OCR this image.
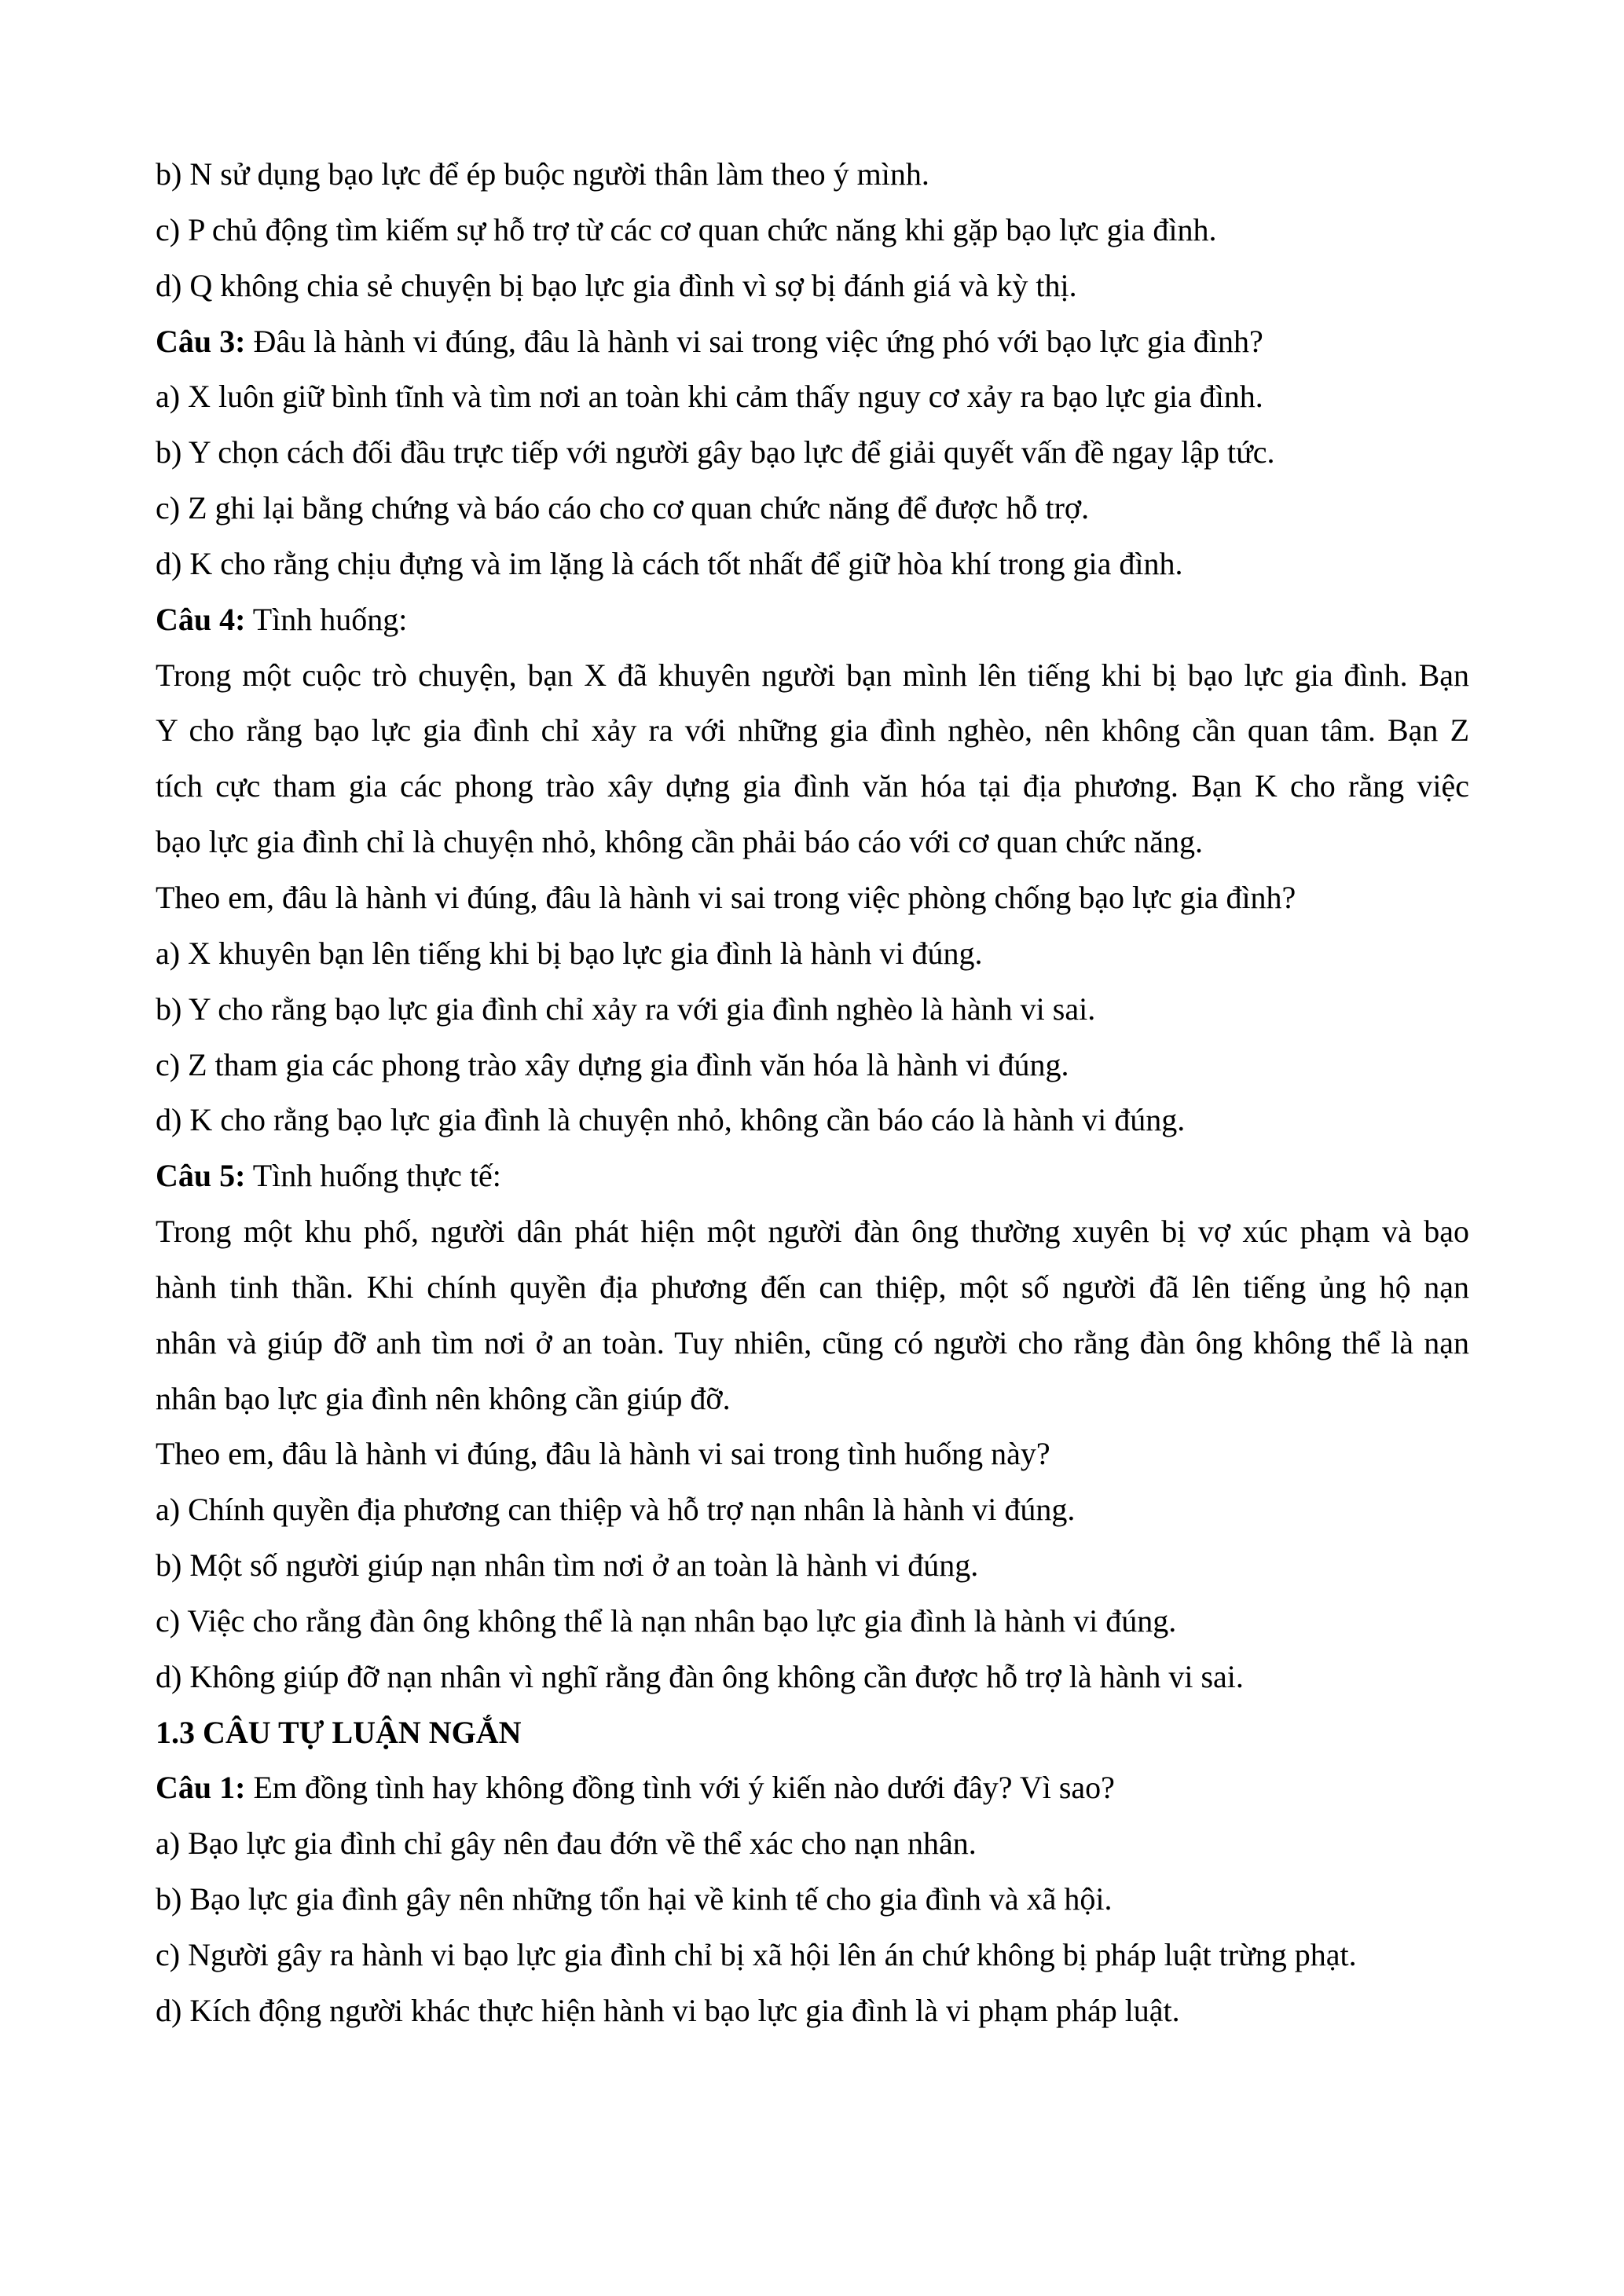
b) N sử dụng bạo lực để ép buộc người thân làm theo ý mình.
c) P chủ động tìm kiếm sự hỗ trợ từ các cơ quan chức năng khi gặp bạo lực gia đình.
d) Q không chia sẻ chuyện bị bạo lực gia đình vì sợ bị đánh giá và kỳ thị.
Câu 3: Đâu là hành vi đúng, đâu là hành vi sai trong việc ứng phó với bạo lực gia đình?
a) X luôn giữ bình tĩnh và tìm nơi an toàn khi cảm thấy nguy cơ xảy ra bạo lực gia đình.
b) Y chọn cách đối đầu trực tiếp với người gây bạo lực để giải quyết vấn đề ngay lập tức.
c) Z ghi lại bằng chứng và báo cáo cho cơ quan chức năng để được hỗ trợ.
d) K cho rằng chịu đựng và im lặng là cách tốt nhất để giữ hòa khí trong gia đình.
Câu 4: Tình huống:
Trong một cuộc trò chuyện, bạn X đã khuyên người bạn mình lên tiếng khi bị bạo lực gia đình. Bạn
Y cho rằng bạo lực gia đình chỉ xảy ra với những gia đình nghèo, nên không cần quan tâm. Bạn Z
tích cực tham gia các phong trào xây dựng gia đình văn hóa tại địa phương. Bạn K cho rằng việc
bạo lực gia đình chỉ là chuyện nhỏ, không cần phải báo cáo với cơ quan chức năng.
Theo em, đâu là hành vi đúng, đâu là hành vi sai trong việc phòng chống bạo lực gia đình?
a) X khuyên bạn lên tiếng khi bị bạo lực gia đình là hành vi đúng.
b) Y cho rằng bạo lực gia đình chỉ xảy ra với gia đình nghèo là hành vi sai.
c) Z tham gia các phong trào xây dựng gia đình văn hóa là hành vi đúng.
d) K cho rằng bạo lực gia đình là chuyện nhỏ, không cần báo cáo là hành vi đúng.
Câu 5: Tình huống thực tế:
Trong một khu phố, người dân phát hiện một người đàn ông thường xuyên bị vợ xúc phạm và bạo
hành tinh thần. Khi chính quyền địa phương đến can thiệp, một số người đã lên tiếng ủng hộ nạn
nhân và giúp đỡ anh tìm nơi ở an toàn. Tuy nhiên, cũng có người cho rằng đàn ông không thể là nạn
nhân bạo lực gia đình nên không cần giúp đỡ.
Theo em, đâu là hành vi đúng, đâu là hành vi sai trong tình huống này?
a) Chính quyền địa phương can thiệp và hỗ trợ nạn nhân là hành vi đúng.
b) Một số người giúp nạn nhân tìm nơi ở an toàn là hành vi đúng.
c) Việc cho rằng đàn ông không thể là nạn nhân bạo lực gia đình là hành vi đúng.
d) Không giúp đỡ nạn nhân vì nghĩ rằng đàn ông không cần được hỗ trợ là hành vi sai.
1.3 CÂU TỰ LUẬN NGẮN
Câu 1: Em đồng tình hay không đồng tình với ý kiến nào dưới đây? Vì sao?
a) Bạo lực gia đình chỉ gây nên đau đớn về thể xác cho nạn nhân.
b) Bạo lực gia đình gây nên những tổn hại về kinh tế cho gia đình và xã hội.
c) Người gây ra hành vi bạo lực gia đình chỉ bị xã hội lên án chứ không bị pháp luật trừng phạt.
d) Kích động người khác thực hiện hành vi bạo lực gia đình là vi phạm pháp luật.
